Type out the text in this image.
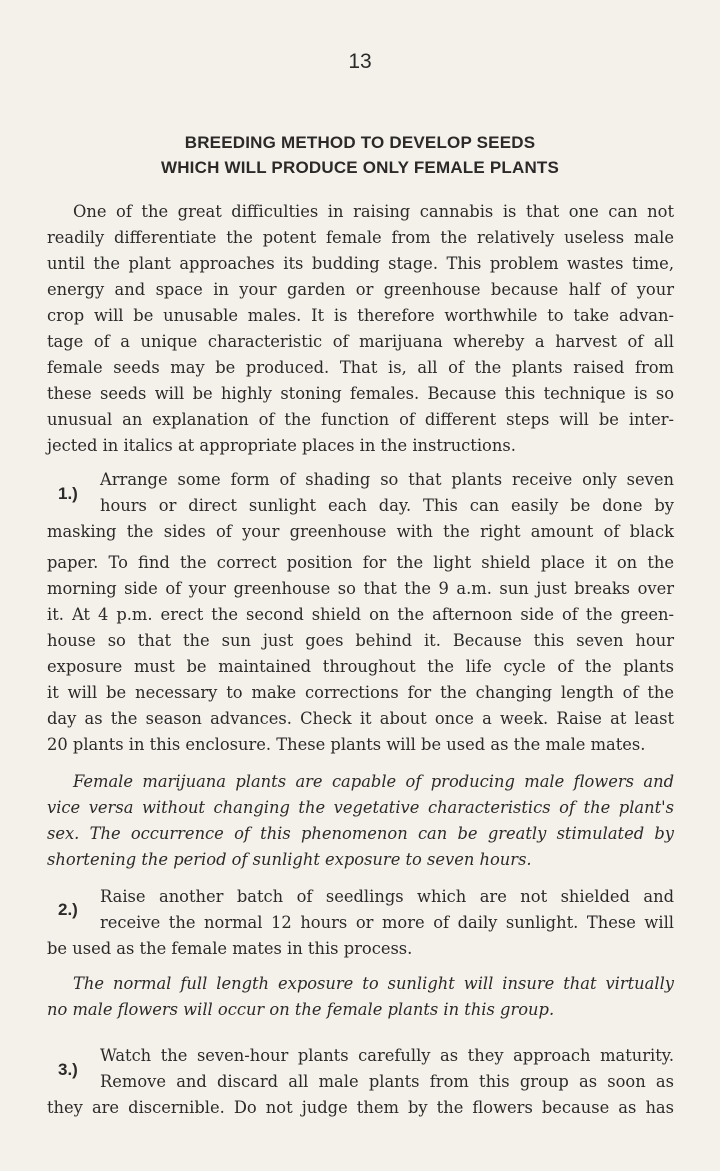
13
BREEDING METHOD TO DEVELOP SEEDS
WHICH WILL PRODUCE ONLY FEMALE PLANTS
One of the great difficulties in raising cannabis is that one can not
readily differentiate the potent female from the relatively useless male
until the plant approaches its budding stage. This problem wastes time,
energy and space in your garden or greenhouse because half of your
crop will be unusable males. It is therefore worthwhile to take advan-
tage of a unique characteristic of marijuana whereby a harvest of all
female seeds may be produced. That is, all of the plants raised from
these seeds will be highly stoning females. Because this technique is so
unusual an explanation of the function of different steps will be inter-
jected in italics at appropriate places in the instructions.
1.)
Arrange some form of shading so that plants receive only seven
hours or direct sunlight each day. This can easily be done by
masking the sides of your greenhouse with the right amount of black
paper. To find the correct position for the light shield place it on the
morning side of your greenhouse so that the 9 a.m. sun just breaks over
it. At 4 p.m. erect the second shield on the afternoon side of the green-
house so that the sun just goes behind it. Because this seven hour
exposure must be maintained throughout the life cycle of the plants
it will be necessary to make corrections for the changing length of the
day as the season advances. Check it about once a week. Raise at least
20 plants in this enclosure. These plants will be used as the male mates.
Female marijuana plants are capable of producing male flowers and
vice versa without changing the vegetative characteristics of the plant's
sex. The occurrence of this phenomenon can be greatly stimulated by
shortening the period of sunlight exposure to seven hours.
2.)
Raise another batch of seedlings which are not shielded and
receive the normal 12 hours or more of daily sunlight. These will
be used as the female mates in this process.
The normal full length exposure to sunlight will insure that virtually
no male flowers will occur on the female plants in this group.
3.)
Watch the seven-hour plants carefully as they approach maturity.
Remove and discard all male plants from this group as soon as
they are discernible. Do not judge them by the flowers because as has
